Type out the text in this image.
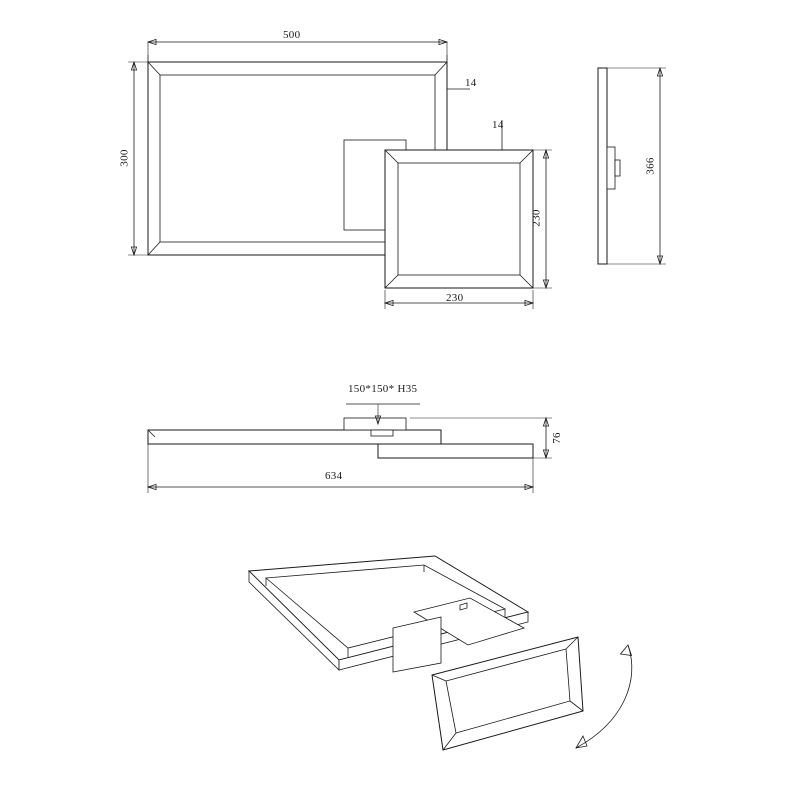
500
300
14
14
230
230
366
150*150* H35
76
634
